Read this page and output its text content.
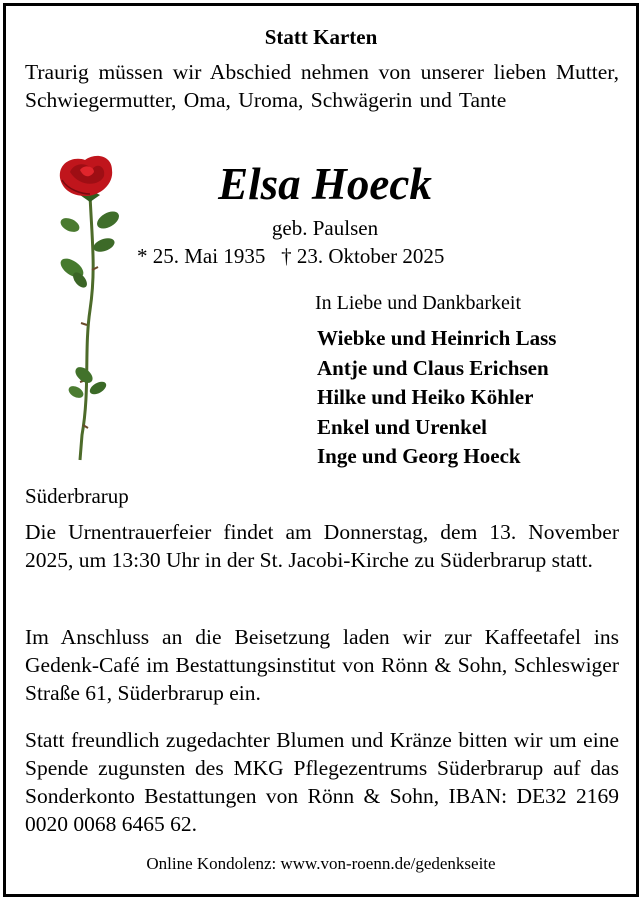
Statt Karten
Traurig müssen wir Abschied nehmen von unserer lieben Mutter, Schwiegermutter, Oma, Uroma, Schwägerin und Tante
Elsa Hoeck
geb. Paulsen
* 25. Mai 1935   † 23. Oktober 2025
In Liebe und Dankbarkeit
Wiebke und Heinrich Lass
Antje und Claus Erichsen
Hilke und Heiko Köhler
Enkel und Urenkel
Inge und Georg Hoeck
Süderbrarup
Die Urnentrauerfeier findet am Donnerstag, dem 13. November 2025, um 13:30 Uhr in der St. Jacobi-Kirche zu Süderbrarup statt.
Im Anschluss an die Beisetzung laden wir zur Kaffeetafel ins Gedenk-Café im Bestattungsinstitut von Rönn & Sohn, Schleswiger Straße 61, Süderbrarup ein.
Statt freundlich zugedachter Blumen und Kränze bitten wir um eine Spende zugunsten des MKG Pflegezentrums Süderbrarup auf das Sonderkonto Bestattungen von Rönn & Sohn, IBAN: DE32 2169 0020 0068 6465 62.
Online Kondolenz: www.von-roenn.de/gedenkseite
